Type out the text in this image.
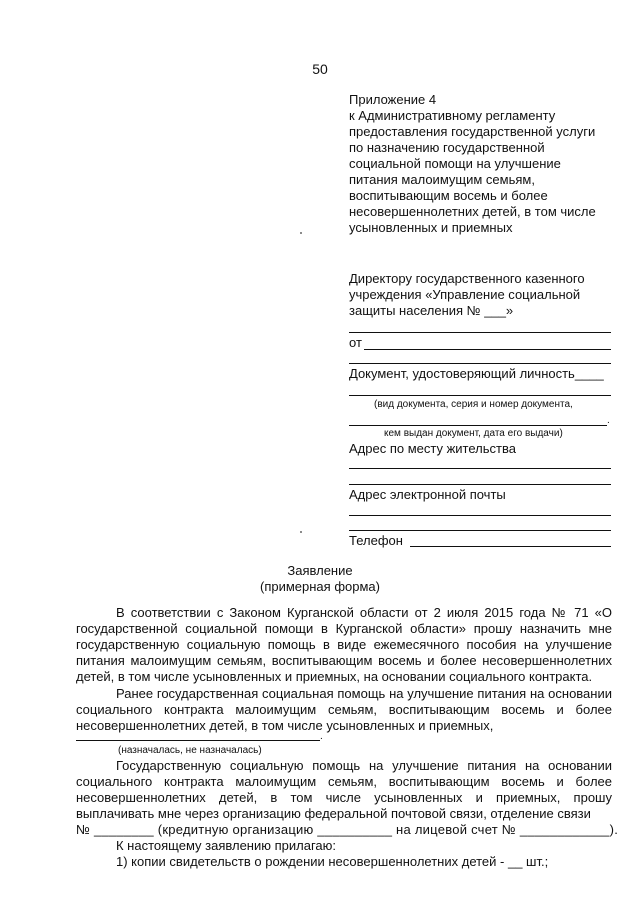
50
Приложение 4
к Административному регламенту
предоставления государственной услуги
по назначению государственной
социальной помощи на улучшение
питания малоимущим семьям,
воспитывающим восемь и более
несовершеннолетних детей, в том числе
усыновленных и приемных
Директору государственного казенного
учреждения «Управление социальной
защиты населения № ___»
от
Документ, удостоверяющий личность____
(вид документа, серия и номер документа,
.
кем выдан документ, дата его выдачи)
Адрес по месту жительства
Адрес электронной почты
Телефон
Заявление
(примерная форма)
В соответствии с Законом Курганской области от 2 июля 2015 года № 71 «О государственной социальной помощи в Курганской области» прошу назначить мне государственную социальную помощь в виде ежемесячного пособия на улучшение питания малоимущим семьям, воспитывающим восемь и более несовершеннолетних детей, в том числе усыновленных и приемных, на основании социального контракта.
Ранее государственная социальная помощь на улучшение питания на основании социального контракта малоимущим семьям, воспитывающим восемь и более несовершеннолетних детей, в том числе усыновленных и приемных,
.
(назначалась, не назначалась)
Государственную социальную помощь на улучшение питания на основании социального контракта малоимущим семьям, воспитывающим восемь и более несовершеннолетних детей, в том числе усыновленных и приемных, прошу выплачивать мне через организацию федеральной почтовой связи, отделение связи
№ ________ (кредитную организацию __________ на лицевой счет № ____________).
К настоящему заявлению прилагаю:
1) копии свидетельств о рождении несовершеннолетних детей - __ шт.;
